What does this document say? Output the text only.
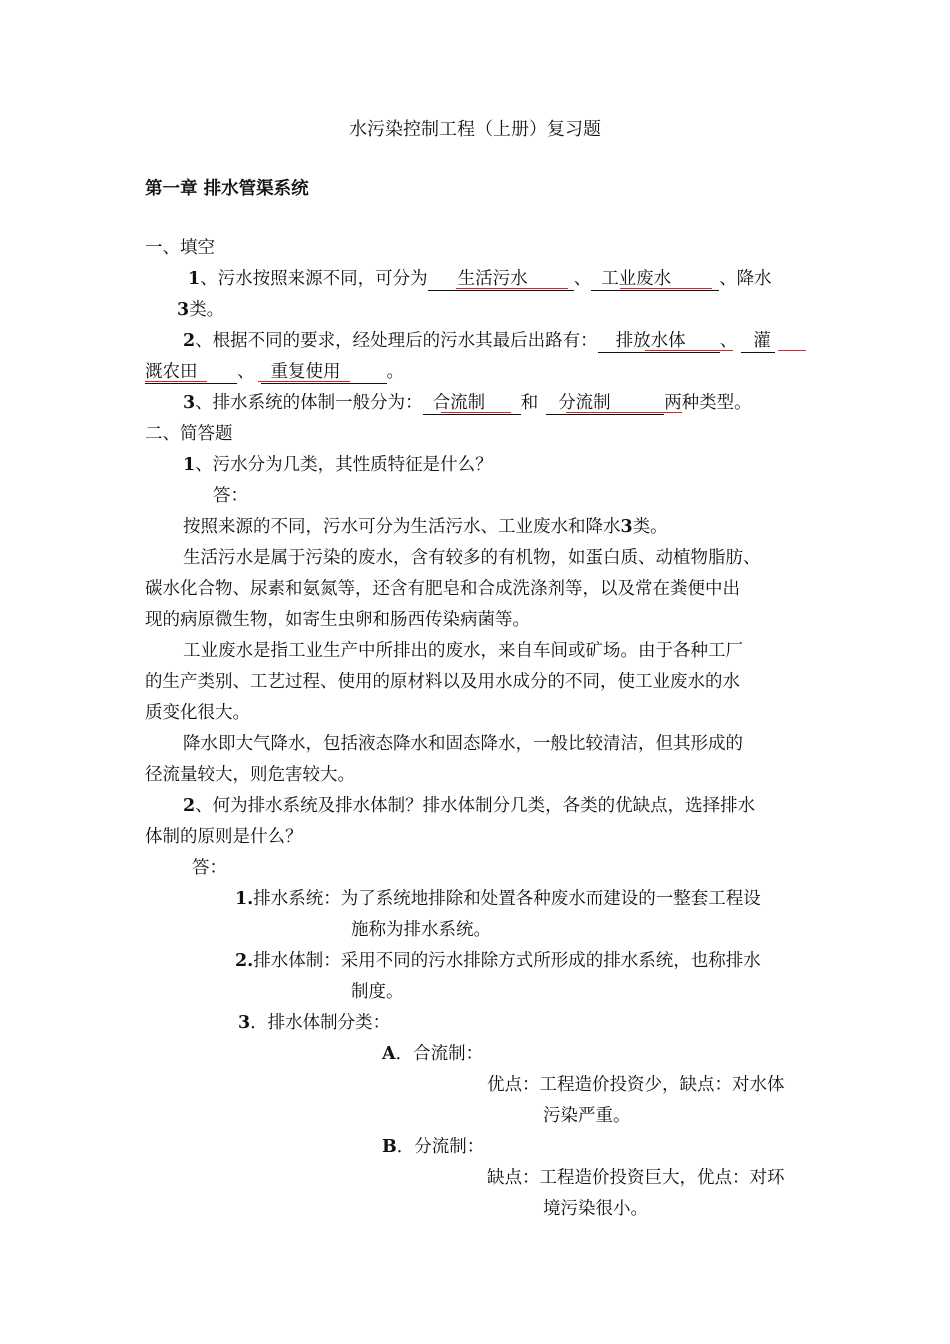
水污染控制工程（上册）复习题
第一章 排水管渠系统
一、填空
1、污水按照来源不同，可分为 生活污水	、 工业废水	、降水
3类。
2、根据不同的要求，经处理后的污水其最后出路有： 排放水体 、 灌
溉农田 、 重复使用	。
3、排水系统的体制一般分为： 合流制 和 分流制	两种类型。
二、简答题
1、污水分为几类，其性质特征是什么？
答：
按照来源的不同，污水可分为生活污水、工业废水和降水3类。
生活污水是属于污染的废水，含有较多的有机物，如蛋白质、动植物脂肪、
碳水化合物、尿素和氨氮等，还含有肥皂和合成洗涤剂等，以及常在粪便中出
现的病原微生物，如寄生虫卵和肠西传染病菌等。
工业废水是指工业生产中所排出的废水，来自车间或矿场。由于各种工厂
的生产类别、工艺过程、使用的原材料以及用水成分的不同，使工业废水的水
质变化很大。
降水即大气降水，包括液态降水和固态降水，一般比较清洁，但其形成的
径流量较大，则危害较大。
2、何为排水系统及排水体制？排水体制分几类，各类的优缺点，选择排水
体制的原则是什么？
答：
1.排水系统：为了系统地排除和处置各种废水而建设的一整套工程设
施称为排水系统。
2.排水体制：采用不同的污水排除方式所形成的排水系统，也称排水
制度。
3．排水体制分类：
A．合流制：
优点：工程造价投资少，缺点：对水体
污染严重。
B．分流制：
缺点：工程造价投资巨大，优点：对环
境污染很小。
